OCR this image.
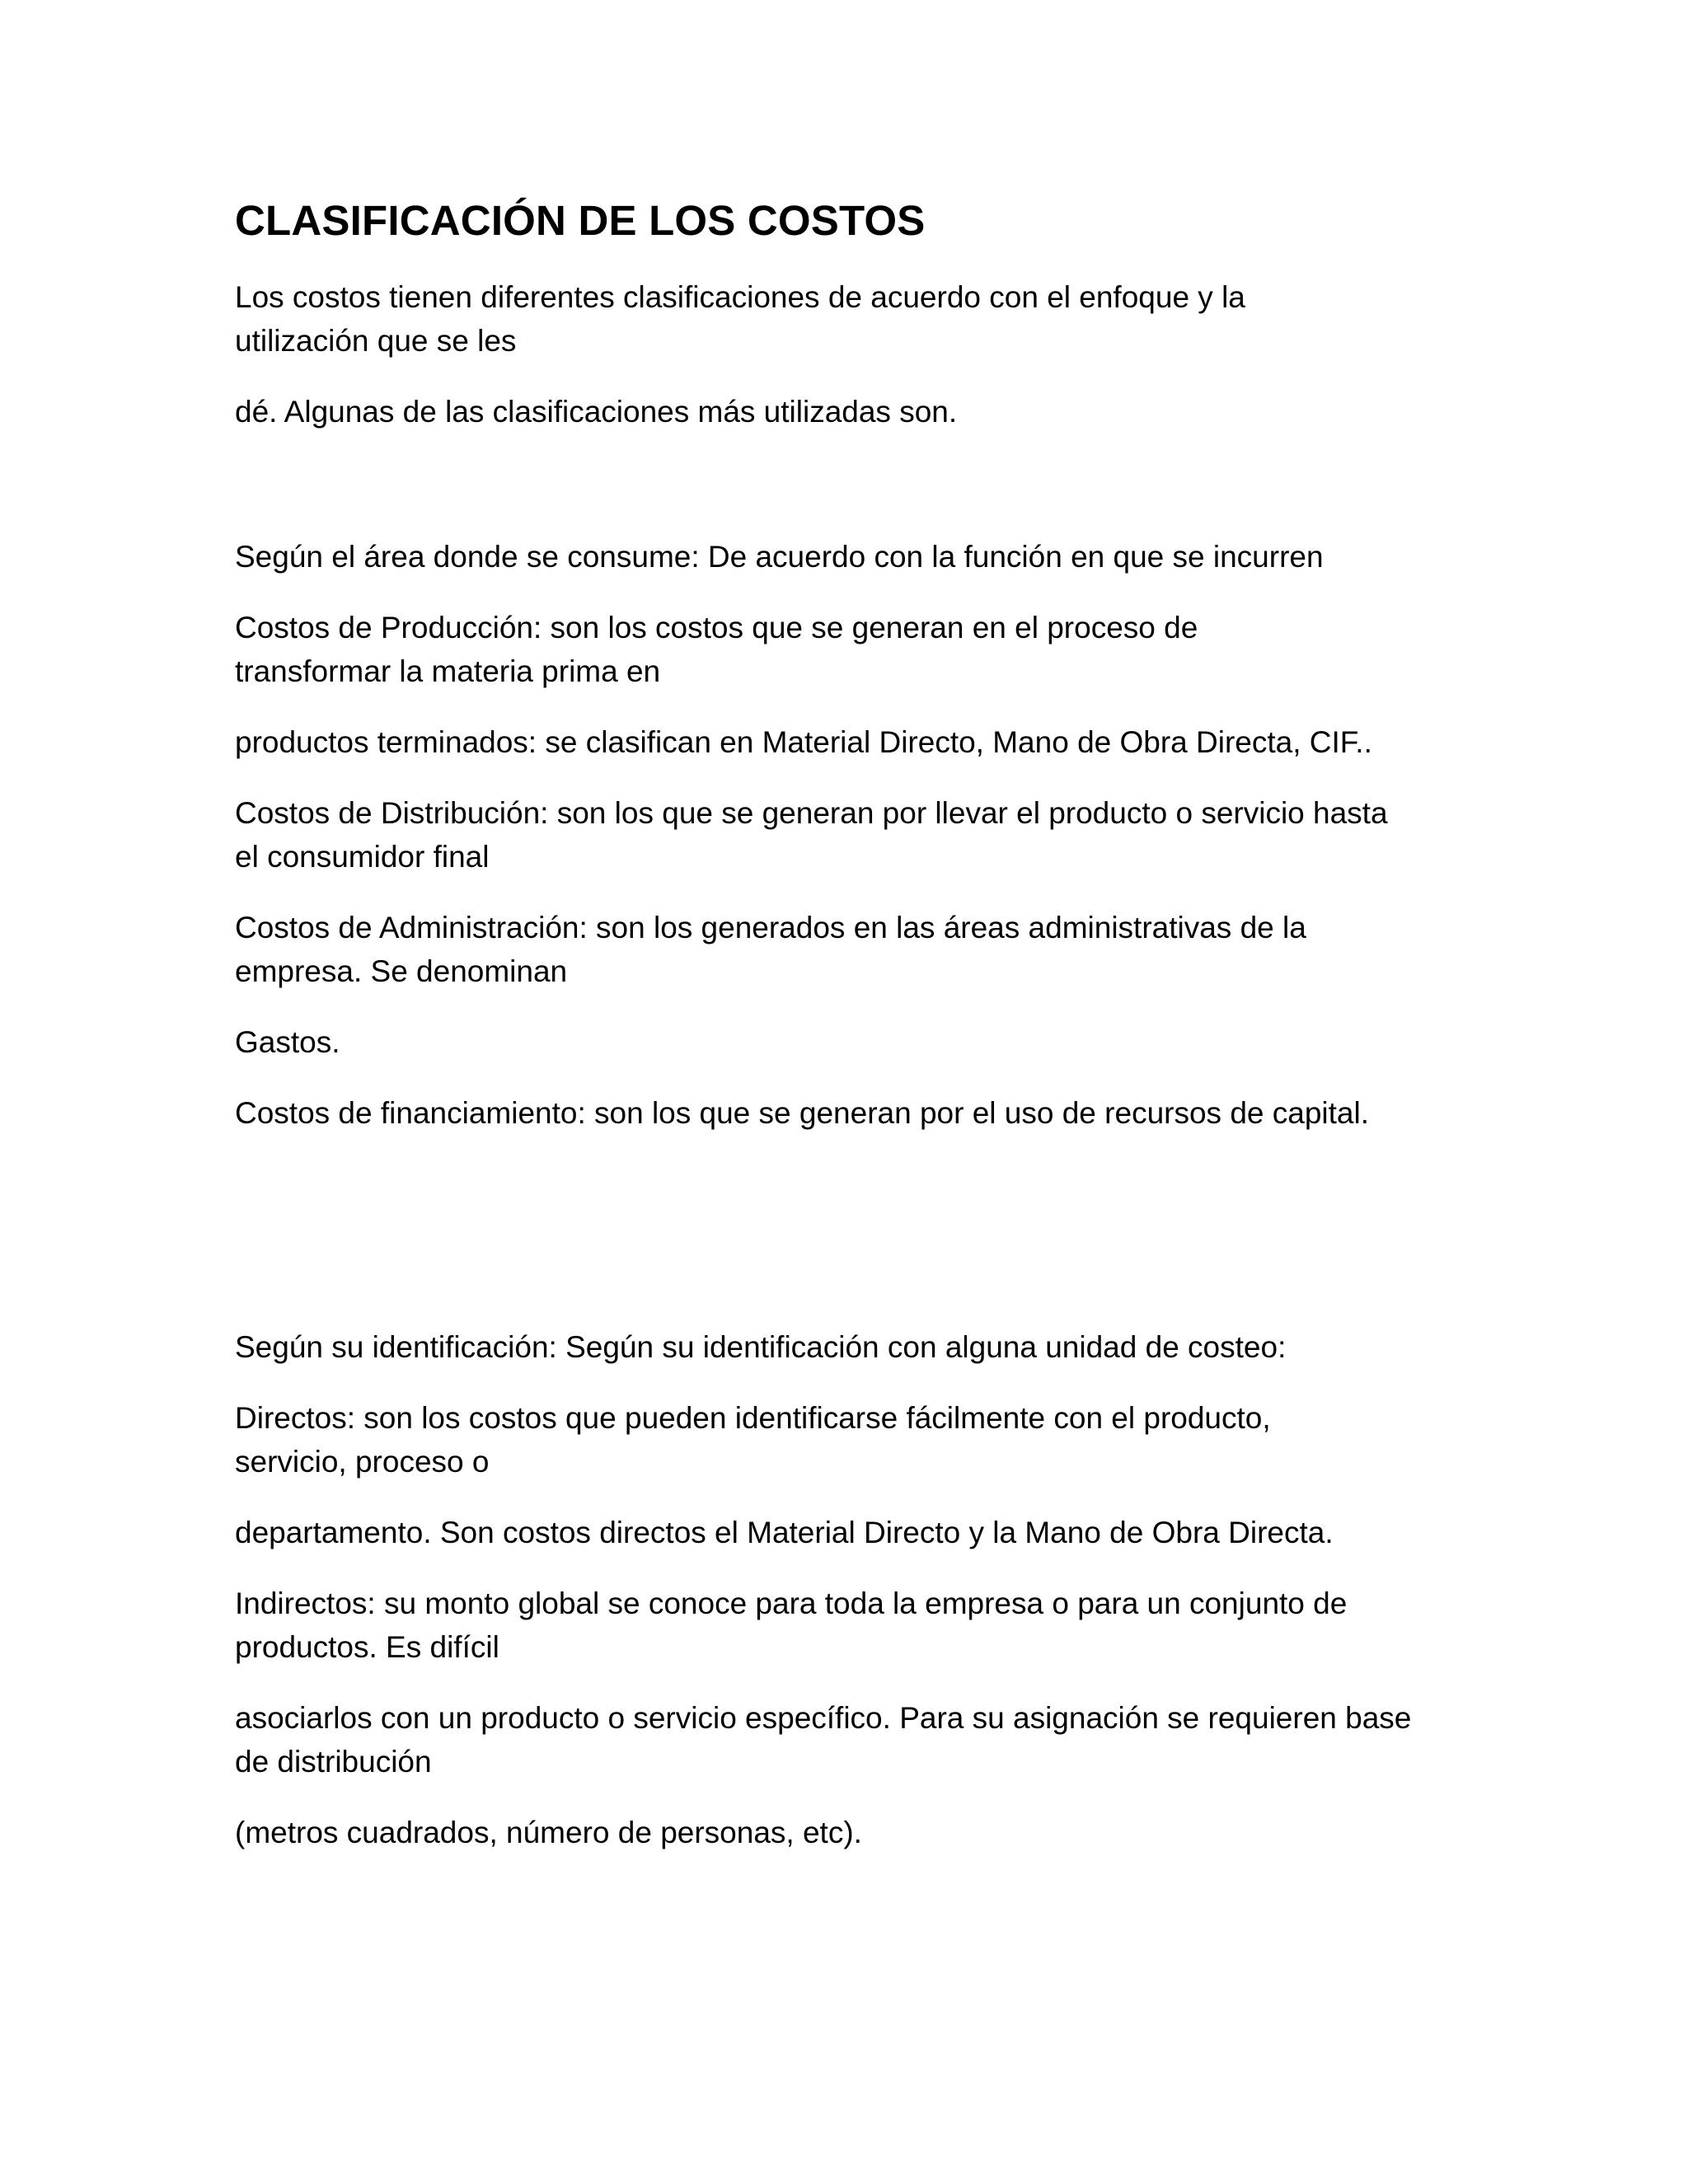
CLASIFICACIÓN DE LOS COSTOS

Los costos tienen diferentes clasificaciones de acuerdo con el enfoque y la utilización que se les

dé. Algunas de las clasificaciones más utilizadas son.

Según el área donde se consume: De acuerdo con la función en que se incurren

Costos de Producción: son los costos que se generan en el proceso de transformar la materia prima en

productos terminados: se clasifican en Material Directo, Mano de Obra Directa, CIF..

Costos de Distribución: son los que se generan por llevar el producto o servicio hasta el consumidor final

Costos de Administración: son los generados en las áreas administrativas de la empresa. Se denominan

Gastos.

Costos de financiamiento: son los que se generan por el uso de recursos de capital.

Según su identificación: Según su identificación con alguna unidad de costeo:

Directos: son los costos que pueden identificarse fácilmente con el producto, servicio, proceso o

departamento. Son costos directos el Material Directo y la Mano de Obra Directa.

Indirectos: su monto global se conoce para toda la empresa o para un conjunto de productos. Es difícil

asociarlos con un producto o servicio específico. Para su asignación se requieren base de distribución

(metros cuadrados, número de personas, etc).
